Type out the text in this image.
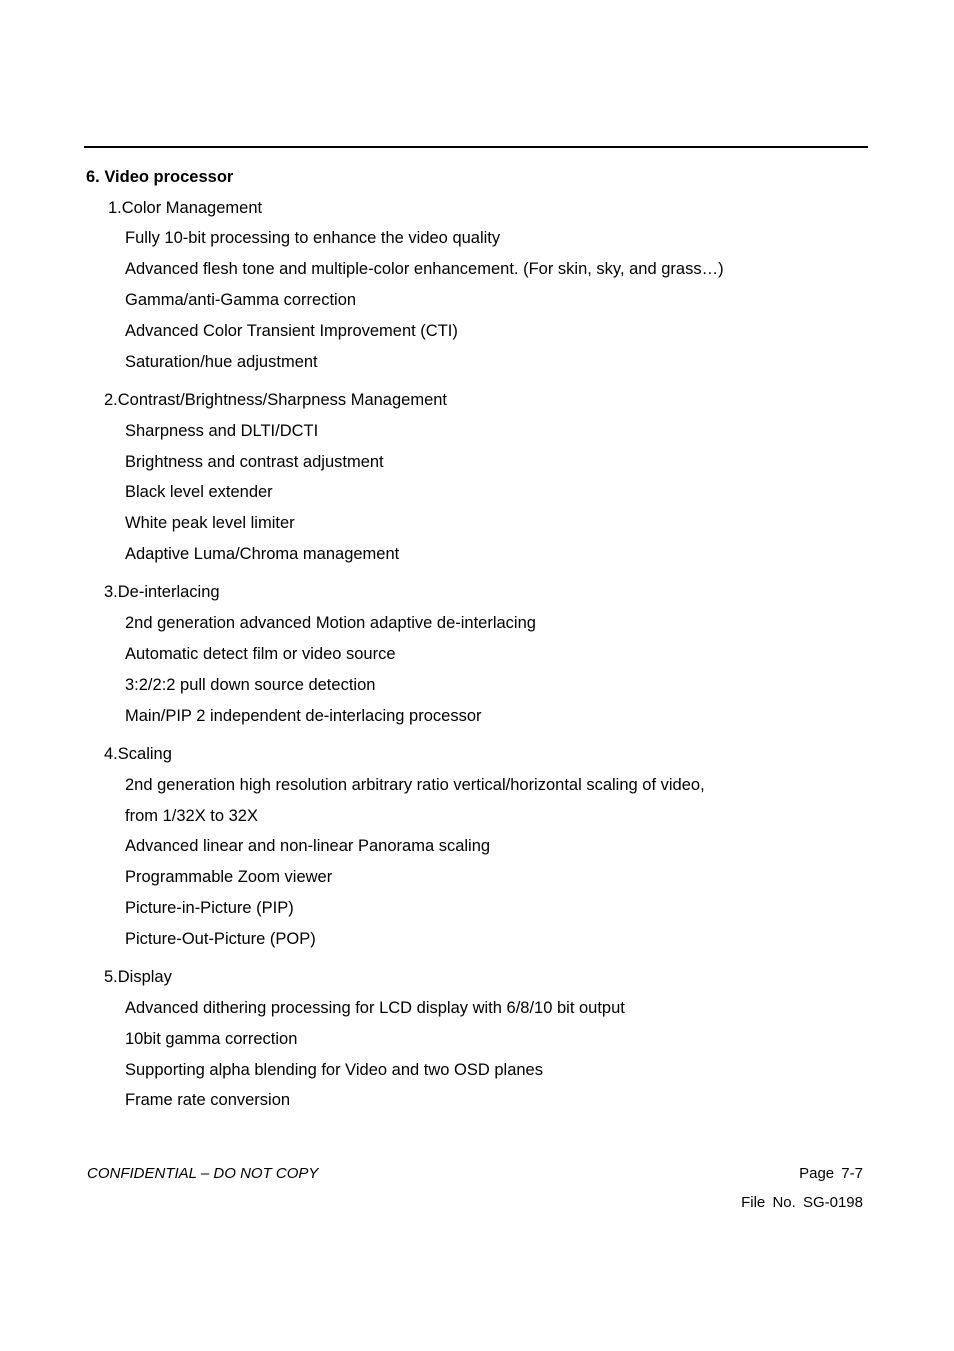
6. Video processor
1.Color Management
Fully 10-bit processing to enhance the video quality
Advanced flesh tone and multiple-color enhancement. (For skin, sky, and grass…)
Gamma/anti-Gamma correction
Advanced Color Transient Improvement (CTI)
Saturation/hue adjustment
2.Contrast/Brightness/Sharpness Management
Sharpness and DLTI/DCTI
Brightness and contrast adjustment
Black level extender
White peak level limiter
Adaptive Luma/Chroma management
3.De-interlacing
2nd generation advanced Motion adaptive de-interlacing
Automatic detect film or video source
3:2/2:2 pull down source detection
Main/PIP 2 independent de-interlacing processor
4.Scaling
2nd generation high resolution arbitrary ratio vertical/horizontal scaling of video,
from 1/32X to 32X
Advanced linear and non-linear Panorama scaling
Programmable Zoom viewer
Picture-in-Picture (PIP)
Picture-Out-Picture (POP)
5.Display
Advanced dithering processing for LCD display with 6/8/10 bit output
10bit gamma correction
Supporting alpha blending for Video and two OSD planes
Frame rate conversion
CONFIDENTIAL – DO NOT COPY	Page 7-7
File No. SG-0198
